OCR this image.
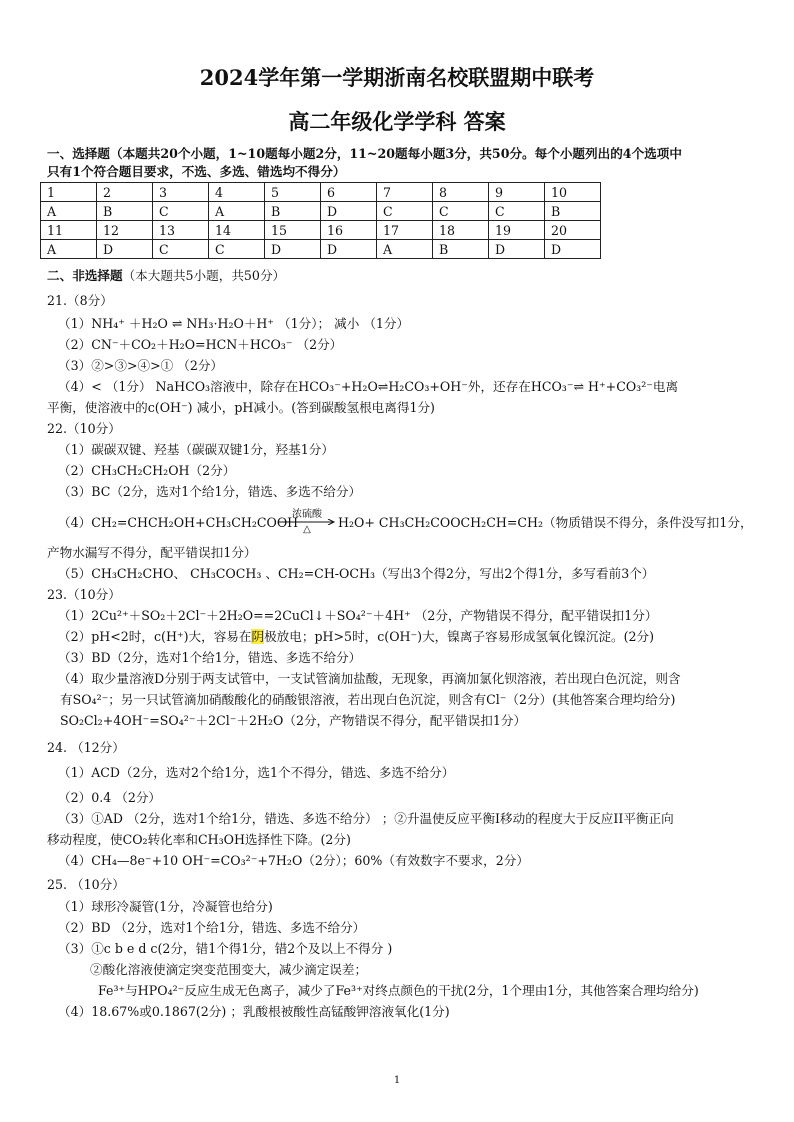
2024学年第一学期浙南名校联盟期中联考
高二年级化学学科 答案
一、选择题（本题共20个小题，1~10题每小题2分，11~20题每小题3分，共50分。每个小题列出的4个选项中
只有1个符合题目要求，不选、多选、错选均不得分）
1	2	3	4	5	6	7	8	9	10
A	B	C	A	B	D	C	C	C	B
11	12	13	14	15	16	17	18	19	20
A	D	C	C	D	D	A	B	D	D
二、非选择题（本大题共5小题，共50分）
21.（8分）
（1）NH₄⁺ ＋H₂O ⇌ NH₃·H₂O＋H⁺ （1分）； 减小 （1分）
（2）CN⁻＋CO₂＋H₂O=HCN＋HCO₃⁻ （2分）
（3）②>③>④>① （2分）
（4）< （1分） NaHCO₃溶液中，除存在HCO₃⁻+H₂O⇌H₂CO₃+OH⁻外，还存在HCO₃⁻⇌ H⁺+CO₃²⁻电离
平衡，使溶液中的c(OH⁻) 减小，pH减小。(答到碳酸氢根电离得1分)
22.（10分）
（1）碳碳双键、羟基（碳碳双键1分，羟基1分）
（2）CH₃CH₂CH₂OH（2分）
（3）BC（2分，选对1个给1分，错选、多选不给分）
（4）CH₂=CHCH₂OH+CH₃CH₂COOH
浓硫酸
△	H₂O+ CH₃CH₂COOCH₂CH=CH₂（物质错误不得分，条件没写扣1分，
产物水漏写不得分，配平错误扣1分）
（5）CH₃CH₂CHO、 CH₃COCH₃ 、CH₂=CH-OCH₃（写出3个得2分，写出2个得1分，多写看前3个）
23.（10分）
（1）2Cu²⁺＋SO₂＋2Cl⁻＋2H₂O==2CuCl↓＋SO₄²⁻＋4H⁺ （2分，产物错误不得分，配平错误扣1分）
（2）pH<2时，c(H⁺)大，容易在阴极放电；pH>5时，c(OH⁻)大，镍离子容易形成氢氧化镍沉淀。(2分)
（3）BD（2分，选对1个给1分，错选、多选不给分）
（4）取少量溶液D分别于两支试管中，一支试管滴加盐酸，无现象，再滴加氯化钡溶液，若出现白色沉淀，则含
有SO₄²⁻；另一只试管滴加硝酸酸化的硝酸银溶液，若出现白色沉淀，则含有Cl⁻（2分）(其他答案合理均给分)
SO₂Cl₂+4OH⁻=SO₄²⁻＋2Cl⁻＋2H₂O（2分，产物错误不得分，配平错误扣1分）
24. （12分）
（1）ACD（2分，选对2个给1分，选1个不得分，错选、多选不给分）
（2）0.4 （2分）
（3）①AD （2分，选对1个给1分，错选、多选不给分） ；②升温使反应平衡I移动的程度大于反应II平衡正向
移动程度，使CO₂转化率和CH₃OH选择性下降。(2分)
（4）CH₄—8e⁻+10 OH⁻=CO₃²⁻+7H₂O（2分）；60%（有效数字不要求，2分）
25. （10分）
（1）球形冷凝管(1分，冷凝管也给分)
（2）BD （2分，选对1个给1分，错选、多选不给分）
（3）①c b e d c(2分，错1个得1分，错2个及以上不得分 )
②酸化溶液使滴定突变范围变大，减少滴定误差；
Fe³⁺与HPO₄²⁻反应生成无色离子，减少了Fe³⁺对终点颜色的干扰(2分，1个理由1分，其他答案合理均给分)
（4）18.67%或0.1867(2分) ；乳酸根被酸性高锰酸钾溶液氧化(1分)
1
